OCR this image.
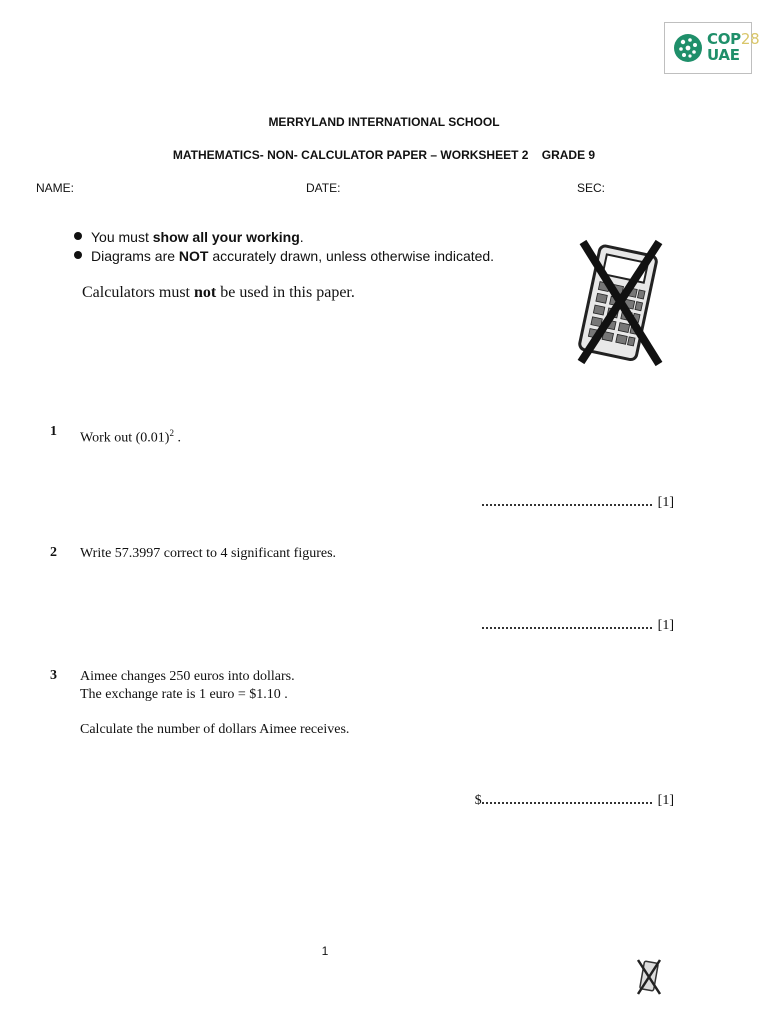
COP28
UAE
MERRYLAND INTERNATIONAL SCHOOL
MATHEMATICS- NON- CALCULATOR PAPER – WORKSHEET 2    GRADE 9
NAME:	DATE:	SEC:
You must show all your working.
Diagrams are NOT accurately drawn, unless otherwise indicated.
Calculators must not be used in this paper.
1 Work out $(0.01)^2$ .
[1]
2 Write 57.3997 correct to 4 significant figures.
[1]
3 Aimee changes 250 euros into dollars.
The exchange rate is 1 euro = $1.10 .
Calculate the number of dollars Aimee receives.
$	[1]
1
